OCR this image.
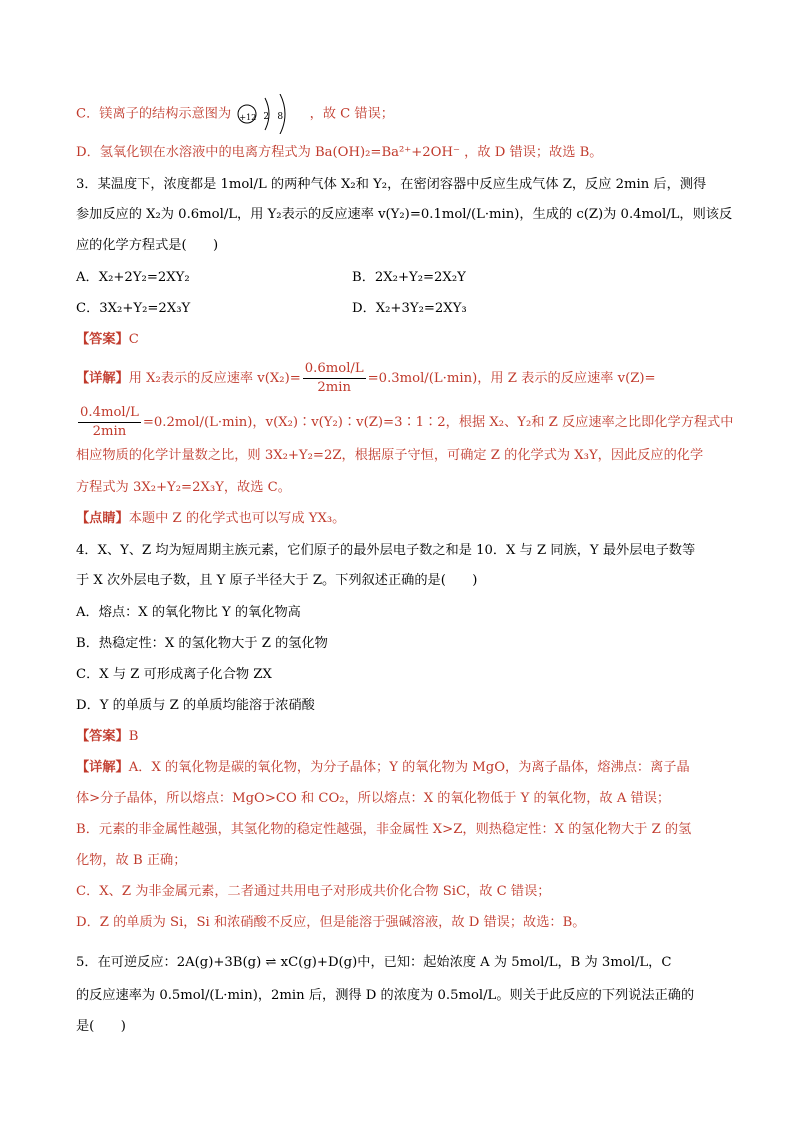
C．镁离子的结构示意图为 +12 2 8 ，故 C 错误；
D．氢氧化钡在水溶液中的电离方程式为 Ba(OH)₂=Ba²⁺+2OH⁻ ，故 D 错误；故选 B。
3．某温度下，浓度都是 1mol/L 的两种气体 X₂和 Y₂，在密闭容器中反应生成气体 Z，反应 2min 后，测得
参加反应的 X₂为 0.6mol/L，用 Y₂表示的反应速率 v(Y₂)=0.1mol/(L·min)，生成的 c(Z)为 0.4mol/L，则该反
应的化学方程式是(　　)
A．X₂+2Y₂=2XY₂	B．2X₂+Y₂=2X₂Y
C．3X₂+Y₂=2X₃Y	D．X₂+3Y₂=2XY₃
【答案】C
【详解】用 X₂表示的反应速率 $v(X_2)= \frac{\text{0.6mol/L}}{2\min} =0.3mol/(L\cdot\min)$，用 Z 表示的反应速率 v(Z)=
$\frac{\text{0.4mol/L}}{2\min} =0.2mol/(L\cdot\min)$，v(X₂)∶v(Y₂)∶v(Z)=3∶1∶2，根据 X₂、Y₂和 Z 反应速率之比即化学方程式中
相应物质的化学计量数之比，则 3X₂+Y₂=2Z，根据原子守恒，可确定 Z 的化学式为 X₃Y，因此反应的化学
方程式为 3X₂+Y₂=2X₃Y，故选 C。
【点睛】本题中 Z 的化学式也可以写成 YX₃。
4．X、Y、Z 均为短周期主族元素，它们原子的最外层电子数之和是 10．X 与 Z 同族，Y 最外层电子数等
于 X 次外层电子数，且 Y 原子半径大于 Z。下列叙述正确的是(　　)
A．熔点：X 的氧化物比 Y 的氧化物高
B．热稳定性：X 的氢化物大于 Z 的氢化物
C．X 与 Z 可形成离子化合物 ZX
D．Y 的单质与 Z 的单质均能溶于浓硝酸
【答案】B
【详解】A．X 的氧化物是碳的氧化物，为分子晶体；Y 的氧化物为 MgO，为离子晶体，熔沸点：离子晶
体>分子晶体，所以熔点：MgO>CO 和 CO₂，所以熔点：X 的氧化物低于 Y 的氧化物，故 A 错误；
B．元素的非金属性越强，其氢化物的稳定性越强，非金属性 X>Z，则热稳定性：X 的氢化物大于 Z 的氢
化物，故 B 正确；
C．X、Z 为非金属元素，二者通过共用电子对形成共价化合物 SiC，故 C 错误；
D．Z 的单质为 Si，Si 和浓硝酸不反应，但是能溶于强碱溶液，故 D 错误；故选：B。
5．在可逆反应：2A(g)+3B(g) ⇌ xC(g)+D(g)中，已知：起始浓度 A 为 5mol/L，B 为 3mol/L，C
的反应速率为 0.5mol/(L·min)，2min 后，测得 D 的浓度为 0.5mol/L。则关于此反应的下列说法正确的
是(　　)
